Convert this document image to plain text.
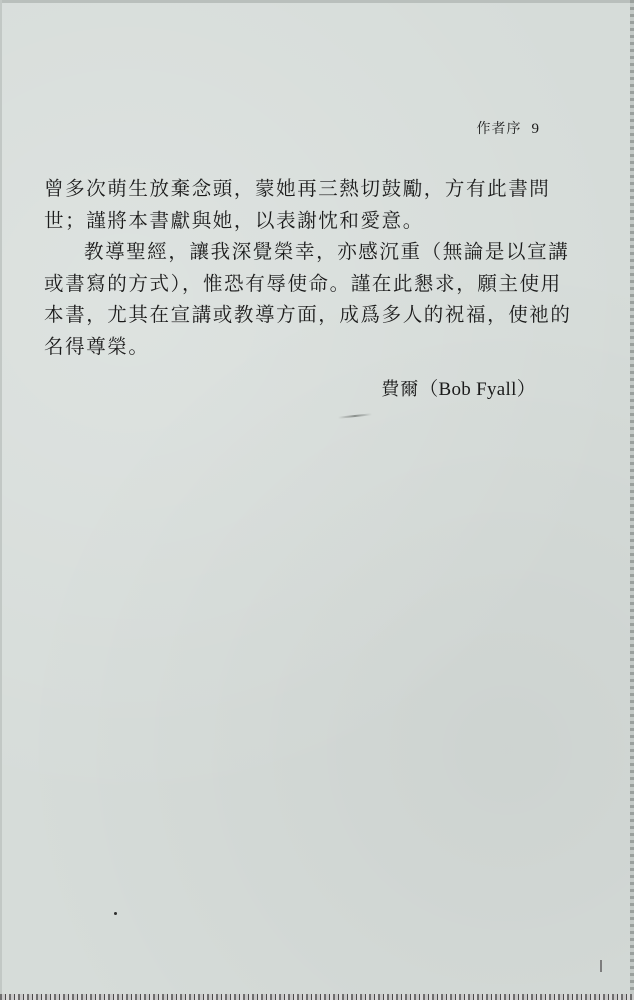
作者序 9
曾多次萌生放棄念頭，蒙她再三熱切鼓勵，方有此書問
世；謹將本書獻與她，以表謝忱和愛意。
教導聖經，讓我深覺榮幸，亦感沉重（無論是以宣講
或書寫的方式），惟恐有辱使命。謹在此懇求，願主使用
本書，尤其在宣講或教導方面，成爲多人的祝福，使祂的
名得尊榮。
費爾（Bob Fyall）
